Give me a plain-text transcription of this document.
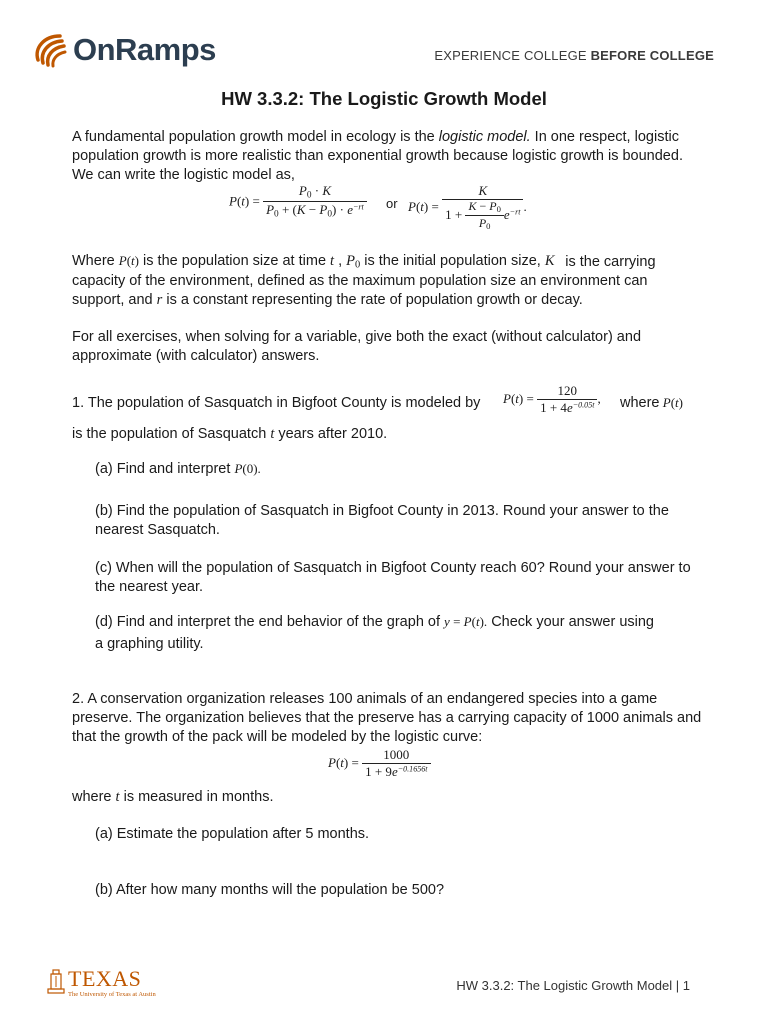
OnRamps	EXPERIENCE COLLEGE BEFORE COLLEGE
HW 3.3.2: The Logistic Growth Model
A fundamental population growth model in ecology is the logistic model. In one respect, logistic population growth is more realistic than exponential growth because logistic growth is bounded. We can write the logistic model as,
$P(t) = \frac{P_0 \cdot K}{P_0 + (K - P_0) \cdot e^{-rt}}$ or $P(t) = \frac{K}{1 + \frac{K - P_0}{P_0} e^{-rt}}$ .
Where P(t) is the population size at time t , $P_0$ is the initial population size, K is the carrying capacity of the environment, defined as the maximum population size an environment can support, and r is a constant representing the rate of population growth or decay.
For all exercises, when solving for a variable, give both the exact (without calculator) and approximate (with calculator) answers.
1. The population of Sasquatch in Bigfoot County is modeled by $P(t) = \frac{120}{1 + 4e^{-0.05t}}$ , where P(t)
is the population of Sasquatch t years after 2010.
(a) Find and interpret P(0).
(b) Find the population of Sasquatch in Bigfoot County in 2013. Round your answer to the nearest Sasquatch.
(c) When will the population of Sasquatch in Bigfoot County reach 60? Round your answer to the nearest year.
(d) Find and interpret the end behavior of the graph of y = P(t). Check your answer using
a graphing utility.
2. A conservation organization releases 100 animals of an endangered species into a game preserve. The organization believes that the preserve has a carrying capacity of 1000 animals and that the growth of the pack will be modeled by the logistic curve:
$P(t) = \frac{1000}{1 + 9e^{-0.1656t}}$
where t is measured in months.
(a) Estimate the population after 5 months.
(b) After how many months will the population be 500?
TEXAS
The University of Texas at Austin
HW 3.3.2: The Logistic Growth Model | 1
